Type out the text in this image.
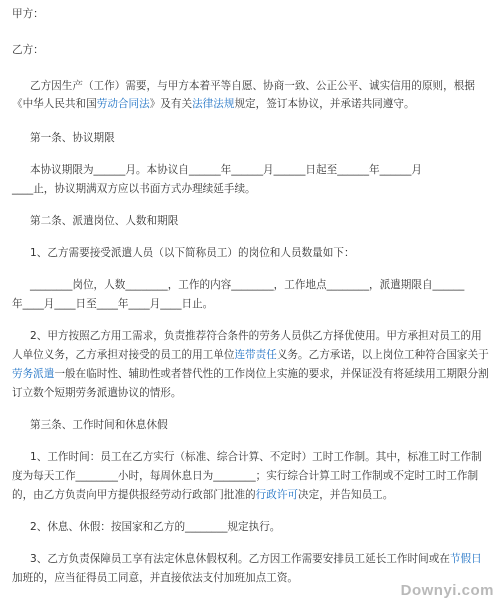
甲方：
乙方：
乙方因生产（工作）需要，与甲方本着平等自愿、协商一致、公正公平、诚实信用的原则，根据
《中华人民共和国劳动合同法》及有关法律法规规定，签订本协议，并承诺共同遵守。
第一条、协议期限
本协议期限为______月。本协议自______年______月______日起至______年______月
____止，协议期满双方应以书面方式办理续延手续。
第二条、派遣岗位、人数和期限
1、乙方需要接受派遣人员（以下简称员工）的岗位和人员数量如下：
________岗位，人数________，工作的内容________，工作地点________，派遣期限自______
年____月____日至____年____月____日止。
2、甲方按照乙方用工需求，负责推荐符合条件的劳务人员供乙方择优使用。甲方承担对员工的用
人单位义务，乙方承担对接受的员工的用工单位连带责任义务。乙方承诺，以上岗位工种符合国家关于
劳务派遣一般在临时性、辅助性或者替代性的工作岗位上实施的要求，并保证没有将延续用工期限分割
订立数个短期劳务派遣协议的情形。
第三条、工作时间和休息休假
1、工作时间：员工在乙方实行（标准、综合计算、不定时）工时工作制。其中，标准工时工作制
度为每天工作________小时，每周休息日为________；实行综合计算工时工作制或不定时工时工作制
的，由乙方负责向甲方提供报经劳动行政部门批准的行政许可决定，并告知员工。
2、休息、休假：按国家和乙方的________规定执行。
3、乙方负责保障员工享有法定休息休假权利。乙方因工作需要安排员工延长工作时间或在节假日
加班的，应当征得员工同意，并直接依法支付加班加点工资。
Downyi.com
